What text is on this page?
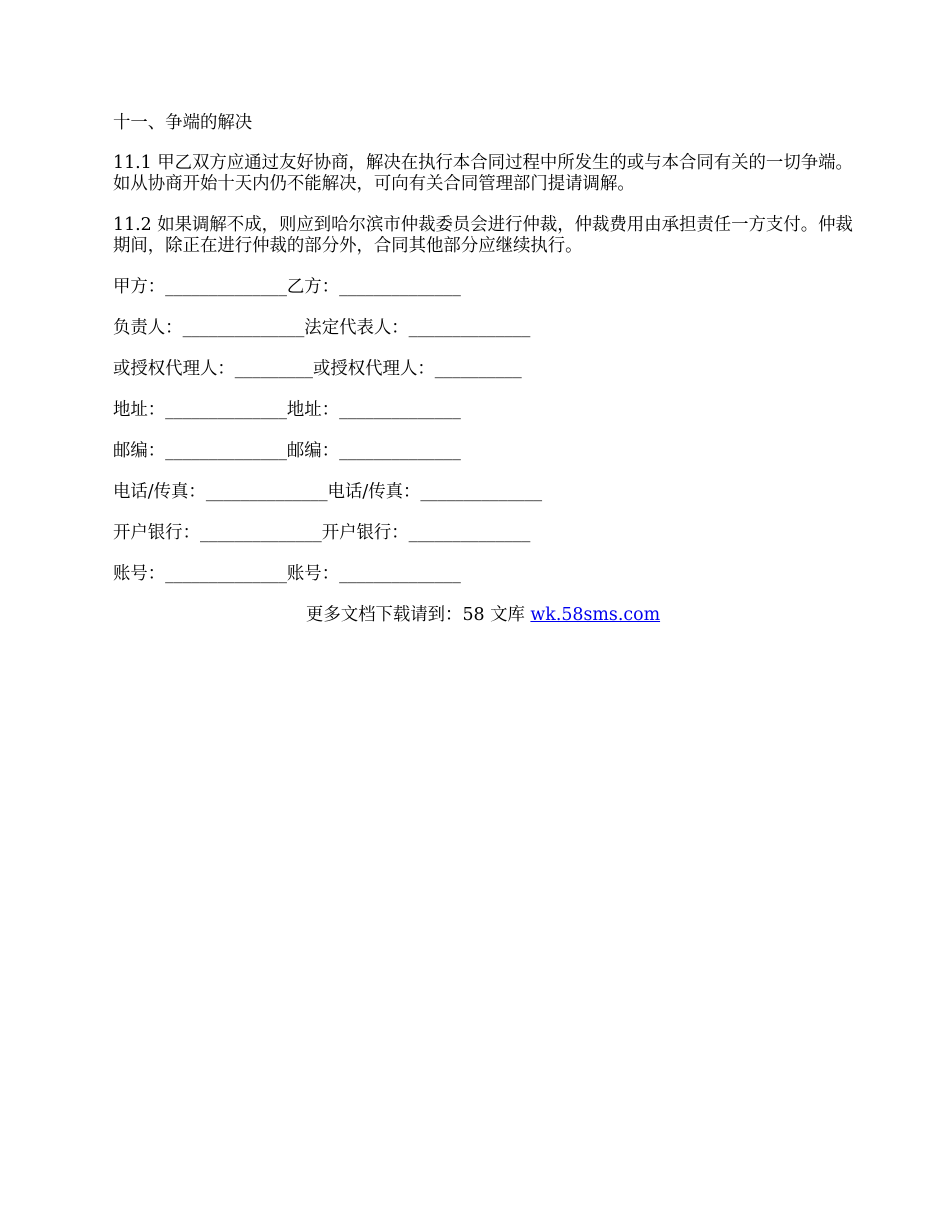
十一、争端的解决

11.1 甲乙双方应通过友好协商，解决在执行本合同过程中所发生的或与本合同有关的一切争端。如从协商开始十天内仍不能解决，可向有关合同管理部门提请调解。

11.2 如果调解不成，则应到哈尔滨市仲裁委员会进行仲裁，仲裁费用由承担责任一方支付。仲裁期间，除正在进行仲裁的部分外，合同其他部分应继续执行。

甲方：______________乙方：______________
负责人：______________法定代表人：______________
或授权代理人：_________或授权代理人：__________
地址：______________地址：______________
邮编：______________邮编：______________
电话/传真：______________电话/传真：______________
开户银行：______________开户银行：______________
账号：______________账号：______________
更多文档下载请到：58 文库 wk.58sms.com
